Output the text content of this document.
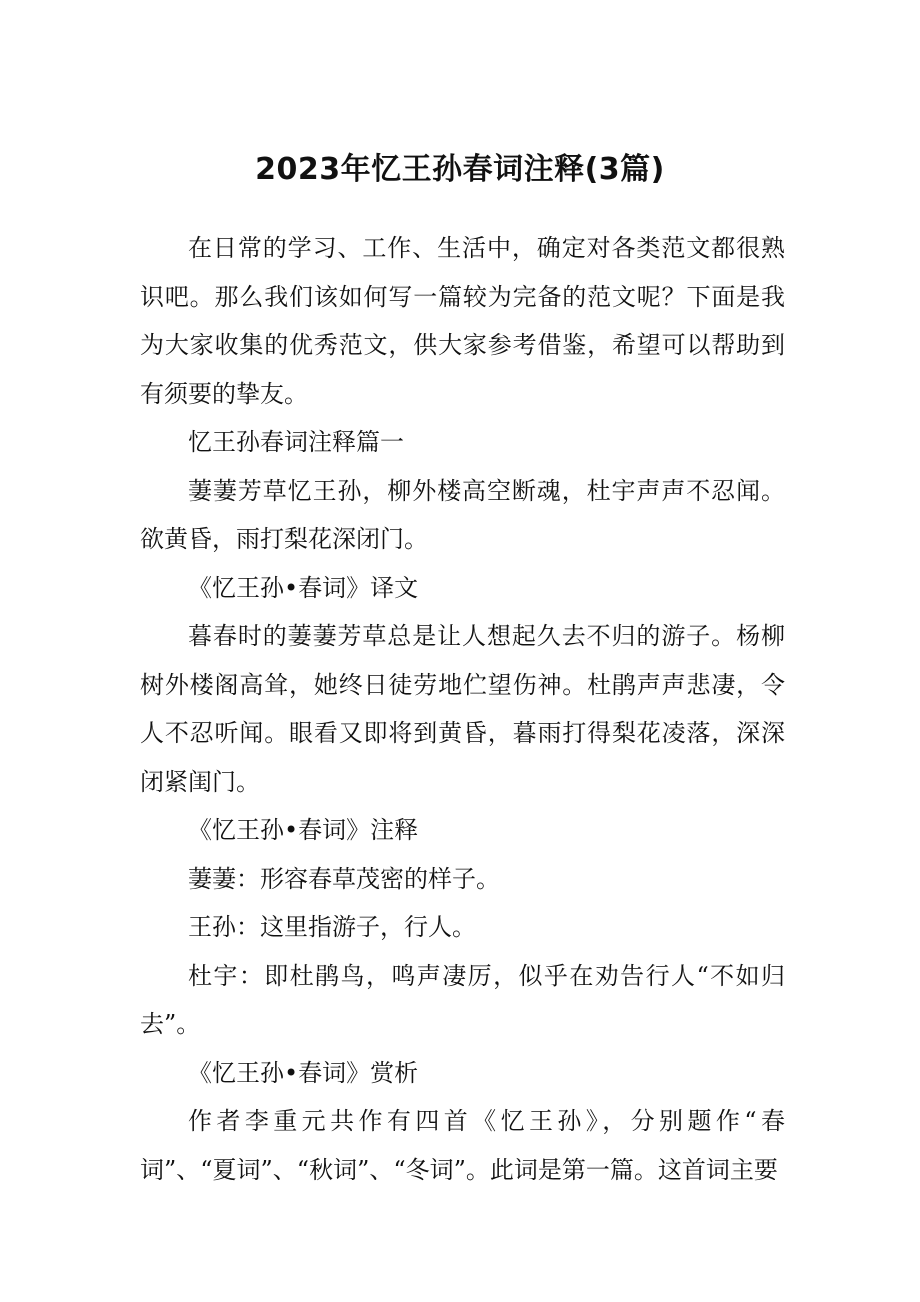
2023年忆王孙春词注释(3篇)

在日常的学习、工作、生活中，确定对各类范文都很熟识吧。那么我们该如何写一篇较为完备的范文呢？下面是我为大家收集的优秀范文，供大家参考借鉴，希望可以帮助到有须要的挚友。

忆王孙春词注释篇一

萋萋芳草忆王孙，柳外楼高空断魂，杜宇声声不忍闻。欲黄昏，雨打梨花深闭门。

《忆王孙•春词》译文

暮春时的萋萋芳草总是让人想起久去不归的游子。杨柳树外楼阁高耸，她终日徒劳地伫望伤神。杜鹃声声悲凄，令人不忍听闻。眼看又即将到黄昏，暮雨打得梨花凌落，深深闭紧闺门。

《忆王孙•春词》注释

萋萋：形容春草茂密的样子。

王孙：这里指游子，行人。

杜宇：即杜鹃鸟，鸣声凄厉，似乎在劝告行人“不如归去”。

《忆王孙•春词》赏析

作者李重元共作有四首《忆王孙》，分别题作“春词”、“夏词”、“秋词”、“冬词”。此词是第一篇。这首词主要
